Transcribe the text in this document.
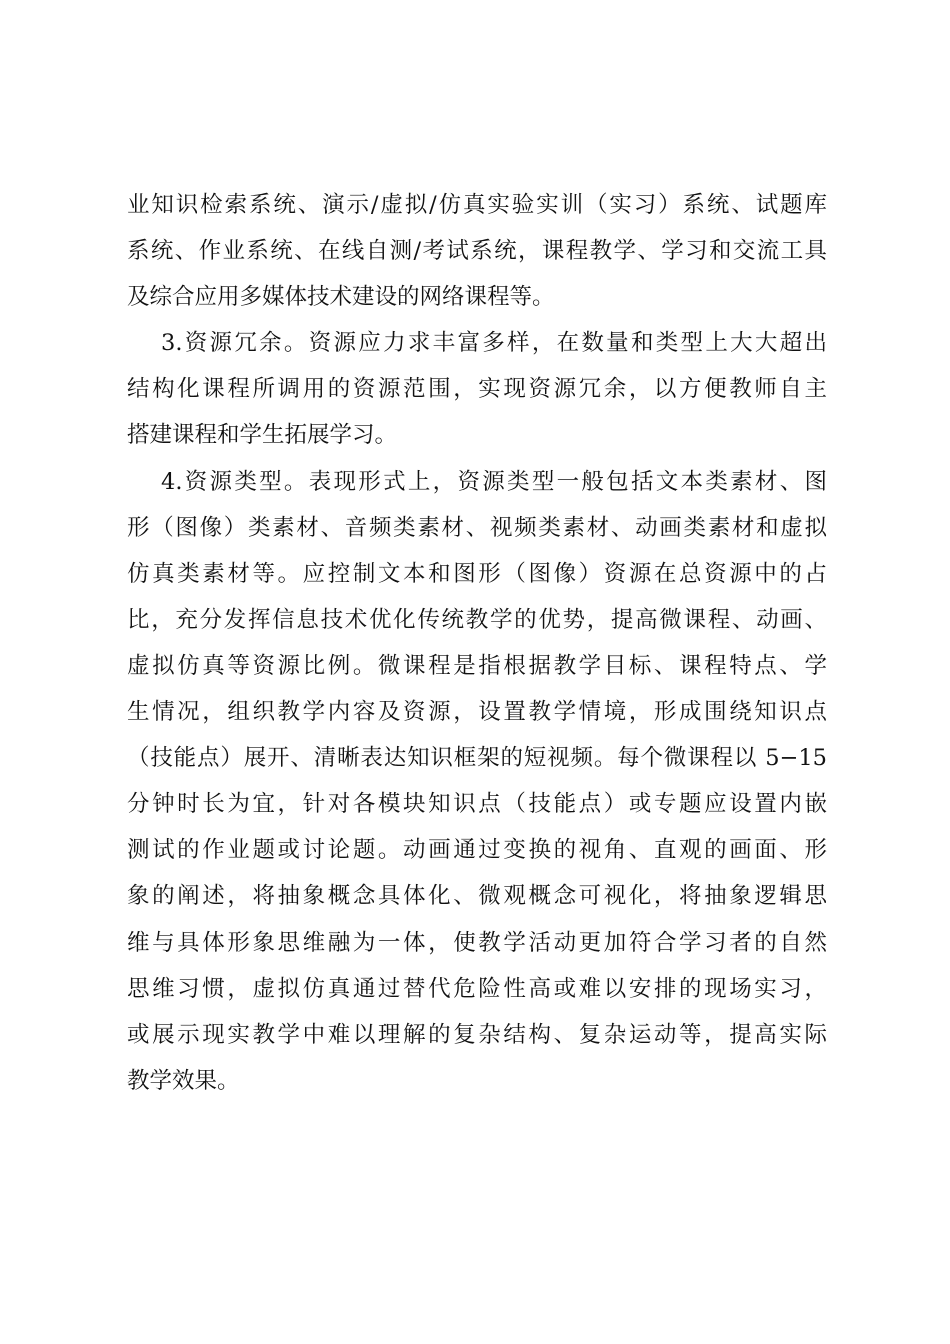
业知识检索系统、演示/虚拟/仿真实验实训（实习）系统、试题库
系统、作业系统、在线自测/考试系统，课程教学、学习和交流工具
及综合应用多媒体技术建设的网络课程等。
3.资源冗余。资源应力求丰富多样，在数量和类型上大大超出
结构化课程所调用的资源范围，实现资源冗余，以方便教师自主
搭建课程和学生拓展学习。
4.资源类型。表现形式上，资源类型一般包括文本类素材、图
形（图像）类素材、音频类素材、视频类素材、动画类素材和虚拟
仿真类素材等。应控制文本和图形（图像）资源在总资源中的占
比，充分发挥信息技术优化传统教学的优势，提高微课程、动画、
虚拟仿真等资源比例。微课程是指根据教学目标、课程特点、学
生情况，组织教学内容及资源，设置教学情境，形成围绕知识点
（技能点）展开、清晰表达知识框架的短视频。每个微课程以 5−15
分钟时长为宜，针对各模块知识点（技能点）或专题应设置内嵌
测试的作业题或讨论题。动画通过变换的视角、直观的画面、形
象的阐述，将抽象概念具体化、微观概念可视化，将抽象逻辑思
维与具体形象思维融为一体，使教学活动更加符合学习者的自然
思维习惯，虚拟仿真通过替代危险性高或难以安排的现场实习，
或展示现实教学中难以理解的复杂结构、复杂运动等，提高实际
教学效果。
